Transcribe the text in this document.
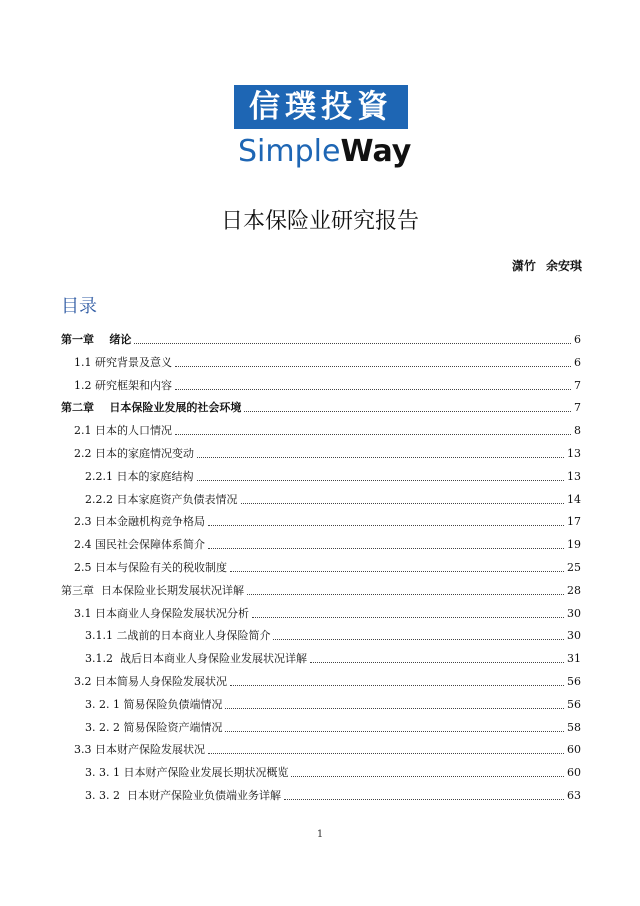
信璞投資
SimpleWay
日本保险业研究报告
潇竹 余安琪
目录
第一章    绪论	6
1.1 研究背景及意义	6
1.2 研究框架和内容	7
第二章    日本保险业发展的社会环境	7
2.1 日本的人口情况	8
2.2 日本的家庭情况变动	13
2.2.1 日本的家庭结构	13
2.2.2 日本家庭资产负债表情况	14
2.3 日本金融机构竞争格局	17
2.4 国民社会保障体系简介	19
2.5 日本与保险有关的税收制度	25
第三章  日本保险业长期发展状况详解	28
3.1 日本商业人身保险发展状况分析	30
3.1.1 二战前的日本商业人身保险简介	30
3.1.2  战后日本商业人身保险业发展状况详解	31
3.2 日本简易人身保险发展状况	56
3. 2. 1 简易保险负债端情况	56
3. 2. 2 简易保险资产端情况	58
3.3 日本财产保险发展状况	60
3. 3. 1 日本财产保险业发展长期状况概览	60
3. 3. 2  日本财产保险业负债端业务详解	63
1
